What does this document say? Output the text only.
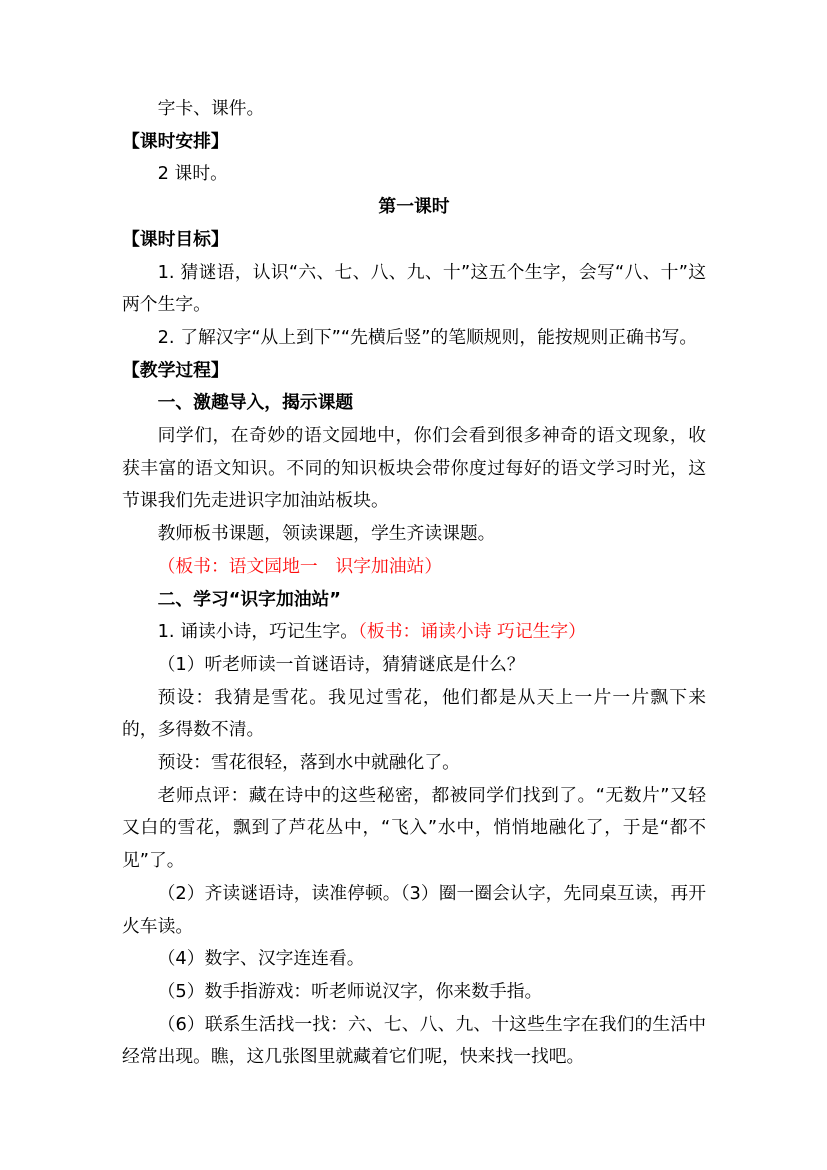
字卡、课件。

【课时安排】

2 课时。

第一课时

【课时目标】

1. 猜谜语，认识“六、七、八、九、十”这五个生字，会写“八、十”这两个生字。

2. 了解汉字“从上到下”“先横后竖”的笔顺规则，能按规则正确书写。

【教学过程】

一、激趣导入，揭示课题

同学们，在奇妙的语文园地中，你们会看到很多神奇的语文现象，收获丰富的语文知识。不同的知识板块会带你度过每好的语文学习时光，这节课我们先走进识字加油站板块。

教师板书课题，领读课题，学生齐读课题。

（板书：语文园地一　识字加油站）

二、学习“识字加油站”

1. 诵读小诗，巧记生字。（板书：诵读小诗 巧记生字）

（1）听老师读一首谜语诗，猜猜谜底是什么？

预设：我猜是雪花。我见过雪花，他们都是从天上一片一片飘下来的，多得数不清。

预设：雪花很轻，落到水中就融化了。

老师点评：藏在诗中的这些秘密，都被同学们找到了。“无数片”又轻又白的雪花，飘到了芦花丛中，“飞入”水中，悄悄地融化了，于是“都不见”了。

（2）齐读谜语诗，读准停顿。（3）圈一圈会认字，先同桌互读，再开火车读。

（4）数字、汉字连连看。

（5）数手指游戏：听老师说汉字，你来数手指。

（6）联系生活找一找：六、七、八、九、十这些生字在我们的生活中经常出现。瞧，这几张图里就藏着它们呢，快来找一找吧。
